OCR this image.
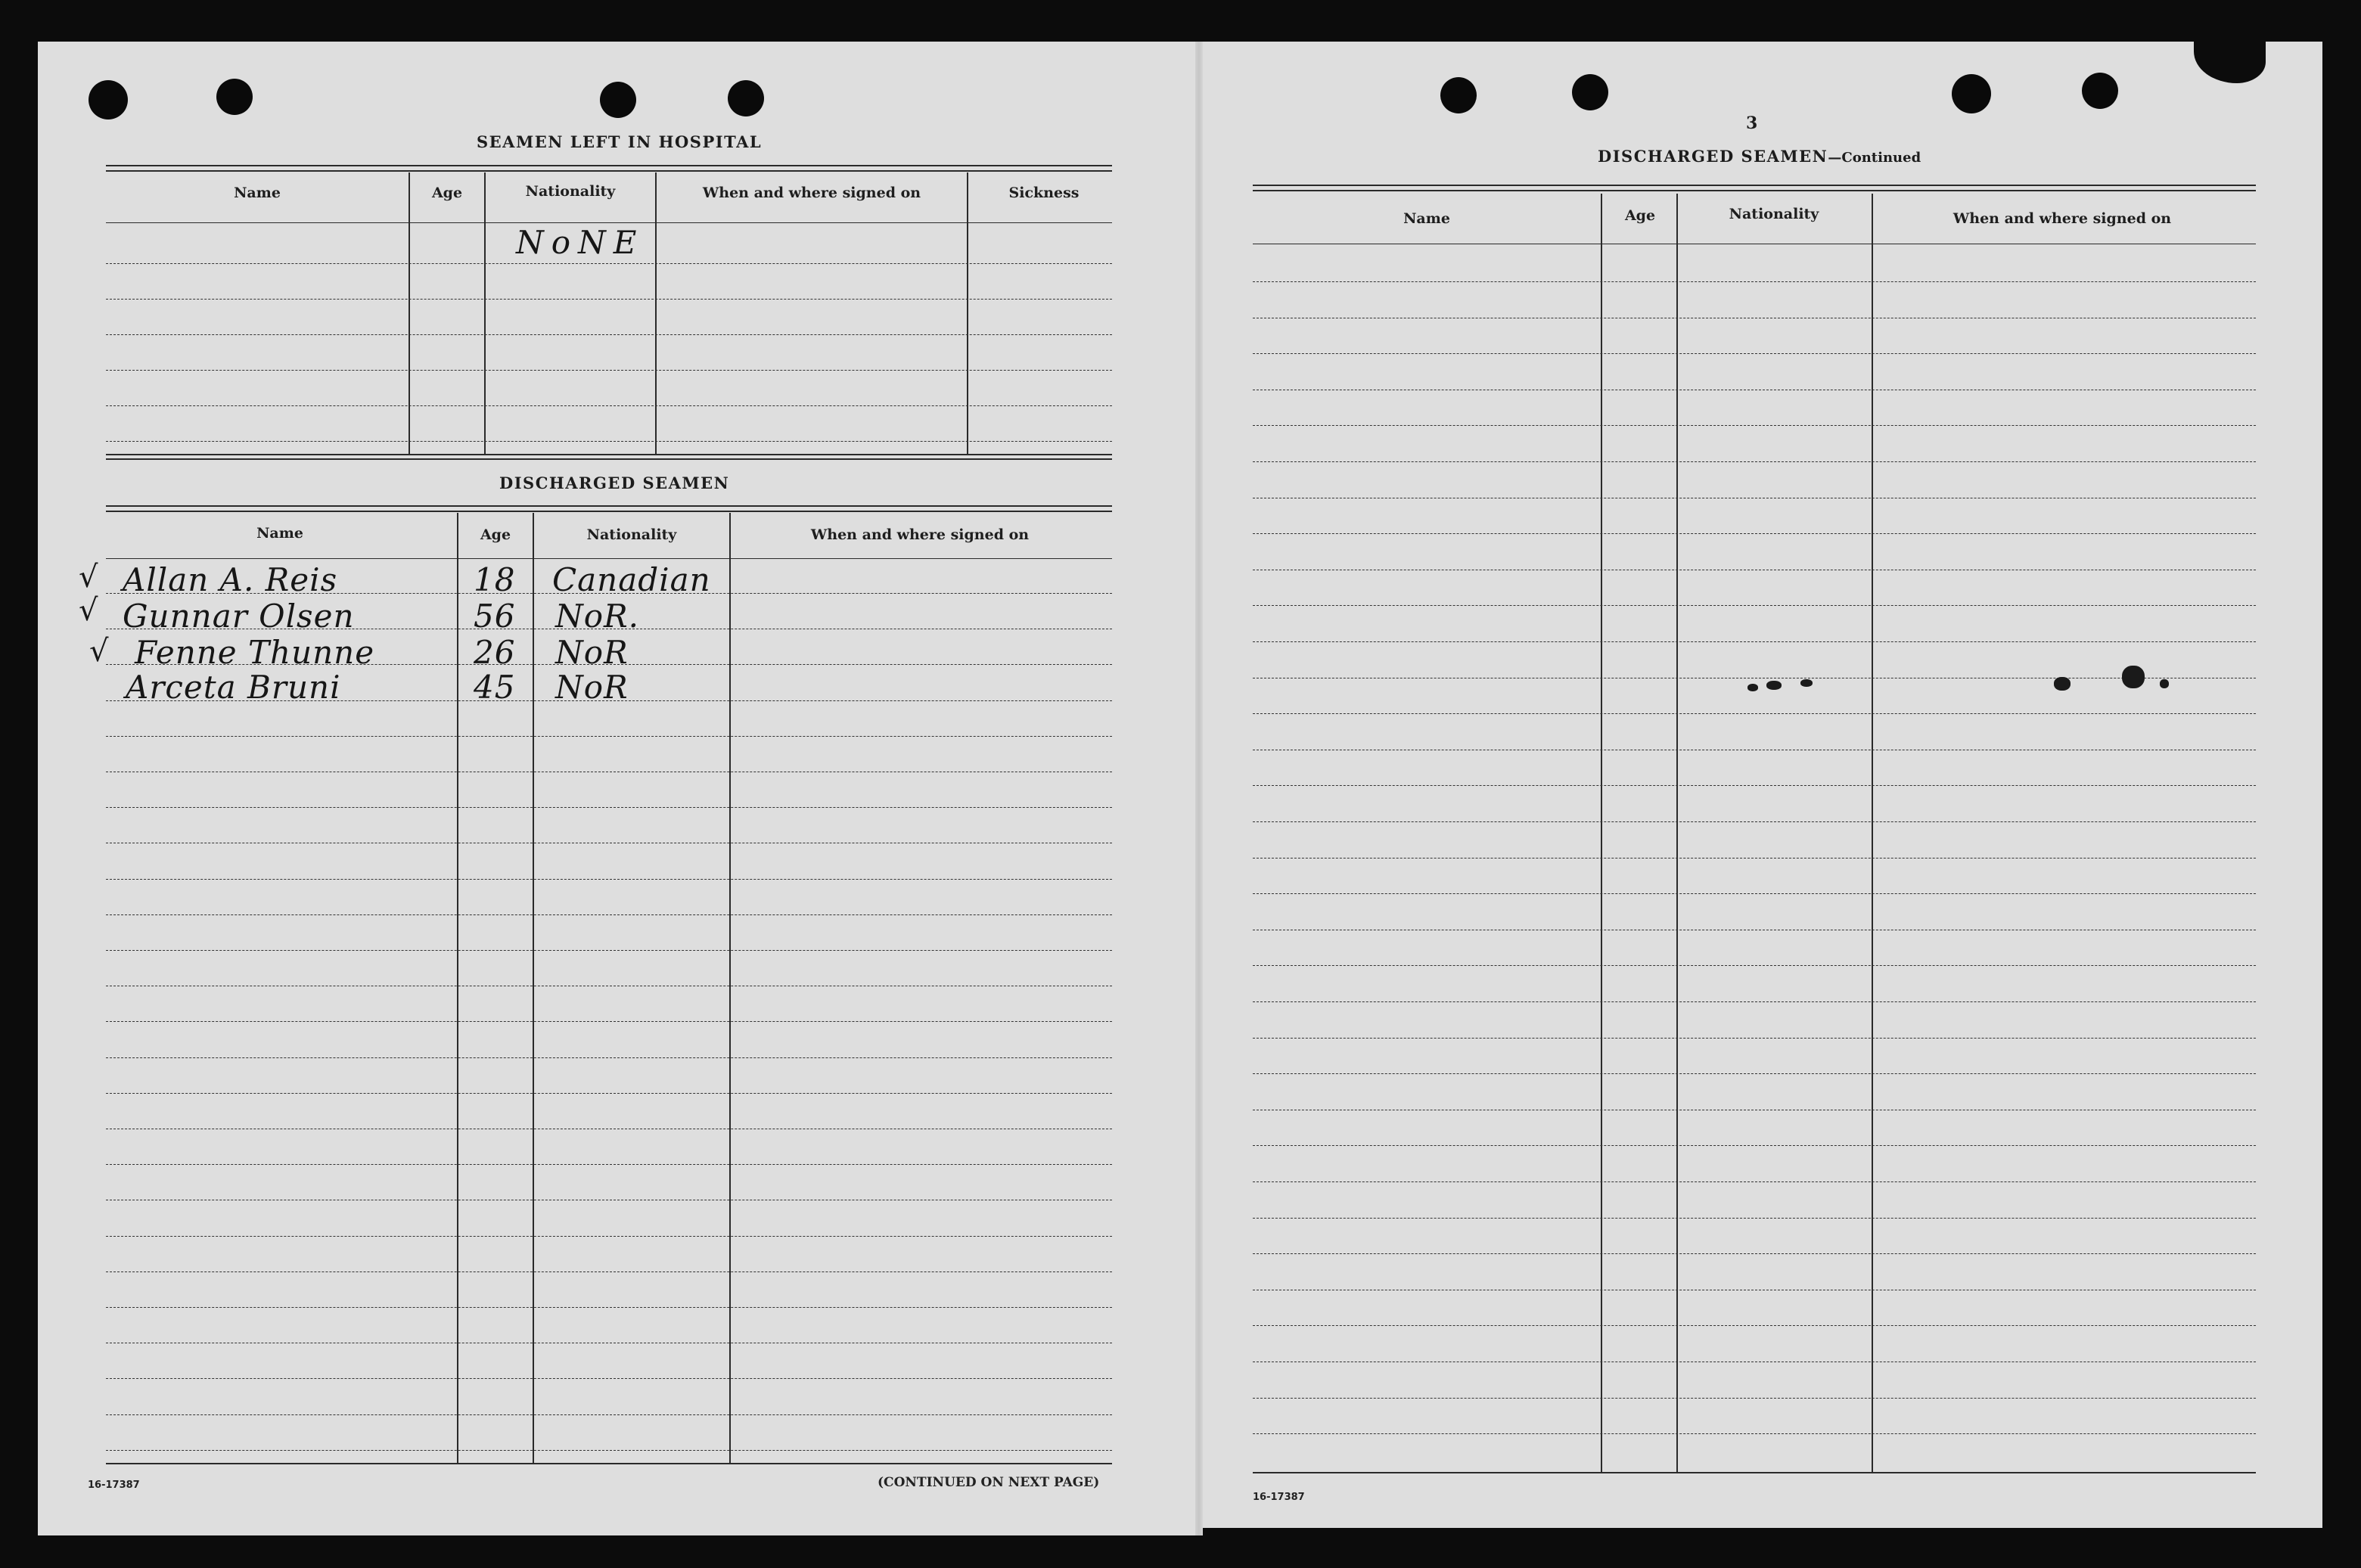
SEAMEN LEFT IN HOSPITAL
Name	Age	Nationality	When and where signed on	Sickness
NoNE
DISCHARGED SEAMEN
Name	Age	Nationality	When and where signed on
√ Allan A. Reis	18 Canadian
√ Gunnar Olsen	56 NoR.
√ Fenne Thunne	26 NoR
Arceta Bruni	45 NoR
16-17387	(CONTINUED ON NEXT PAGE)
3
DISCHARGED SEAMEN—Continued
Name	Age	Nationality	When and where signed on
16-17387
